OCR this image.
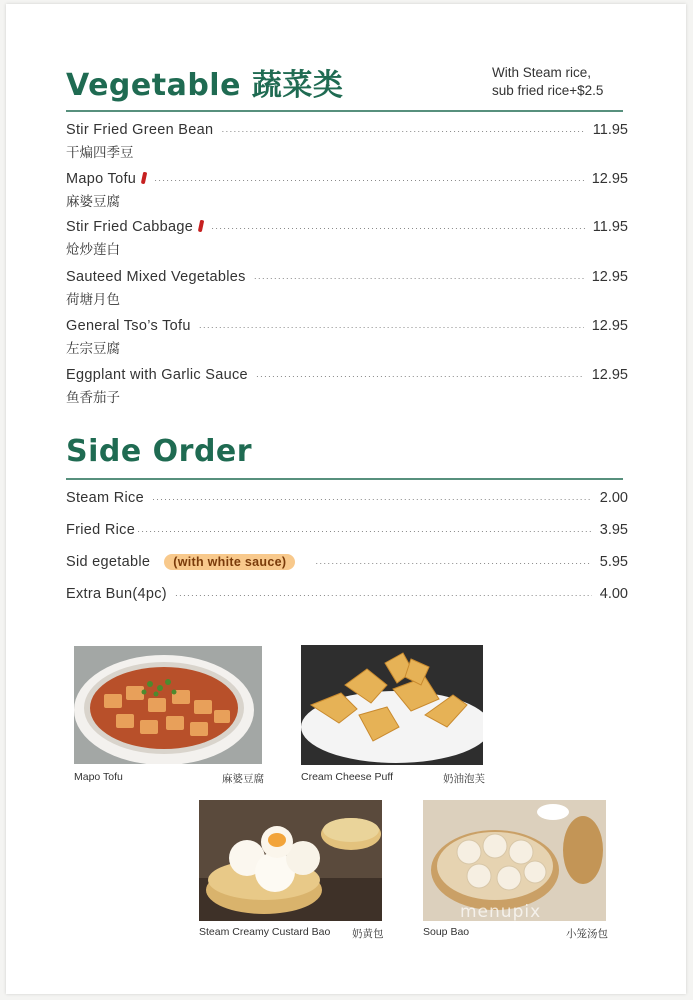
Vegetable 蔬菜类	With Steam rice,
sub fried rice+$2.5
Stir Fried Green Bean ·····	11.95
干煸四季豆
Mapo Tofu ·····	12.95
麻婆豆腐
Stir Fried Cabbage ·····	11.95
炝炒莲白
Sauteed Mixed Vegetables ·····	12.95
荷塘月色
General Tso’s Tofu ·····	12.95
左宗豆腐
Eggplant with Garlic Sauce ·····	12.95
鱼香茄子
Side Order
Steam Rice ·····	2.00
Fried Rice ·····	3.95
Sid egetable (with white sauce) ·····	5.95
Extra Bun(4pc) ·····	4.00
Mapo Tofu	麻婆豆腐	Cream Cheese Puff	奶油泡芙
Steam Creamy Custard Bao 奶黄包	Soup Bao	小笼汤包
menupix
